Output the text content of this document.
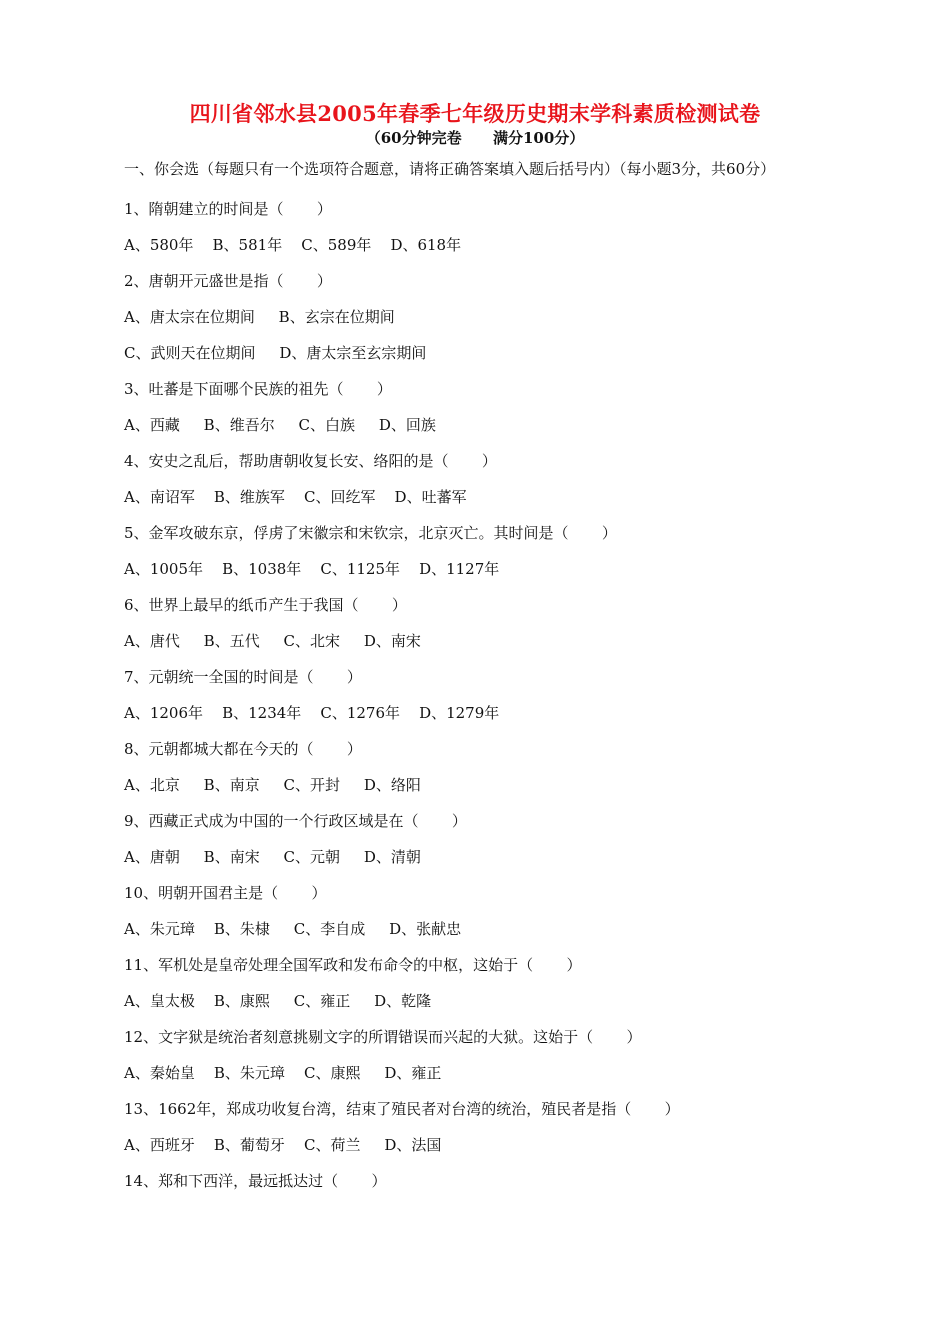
四川省邻水县2005年春季七年级历史期末学科素质检测试卷
（60分钟完卷      满分100分）

一、你会选（每题只有一个选项符合题意，请将正确答案填入题后括号内）（每小题3分，共60分）

1、隋朝建立的时间是（       ）

A、580年    B、581年    C、589年    D、618年

2、唐朝开元盛世是指（       ）

A、唐太宗在位期间     B、玄宗在位期间

C、武则天在位期间     D、唐太宗至玄宗期间

3、吐蕃是下面哪个民族的祖先（       ）

A、西藏     B、维吾尔     C、白族     D、回族

4、安史之乱后，帮助唐朝收复长安、络阳的是（       ）

A、南诏军    B、维族军    C、回纥军    D、吐蕃军

5、金军攻破东京，俘虏了宋徽宗和宋钦宗，北京灭亡。其时间是（       ）

A、1005年    B、1038年    C、1125年    D、1127年

6、世界上最早的纸币产生于我国（       ）

A、唐代     B、五代     C、北宋     D、南宋

7、元朝统一全国的时间是（       ）

A、1206年    B、1234年    C、1276年    D、1279年

8、元朝都城大都在今天的（       ）

A、北京     B、南京     C、开封     D、络阳

9、西藏正式成为中国的一个行政区域是在（       ）

A、唐朝     B、南宋     C、元朝     D、清朝

10、明朝开国君主是（       ）

A、朱元璋    B、朱棣     C、李自成     D、张献忠

11、军机处是皇帝处理全国军政和发布命令的中枢，这始于（       ）

A、皇太极    B、康熙     C、雍正     D、乾隆

12、文字狱是统治者刻意挑剔文字的所谓错误而兴起的大狱。这始于（       ）

A、秦始皇    B、朱元璋    C、康熙     D、雍正

13、1662年，郑成功收复台湾，结束了殖民者对台湾的统治，殖民者是指（       ）

A、西班牙    B、葡萄牙    C、荷兰     D、法国

14、郑和下西洋，最远抵达过（       ）
